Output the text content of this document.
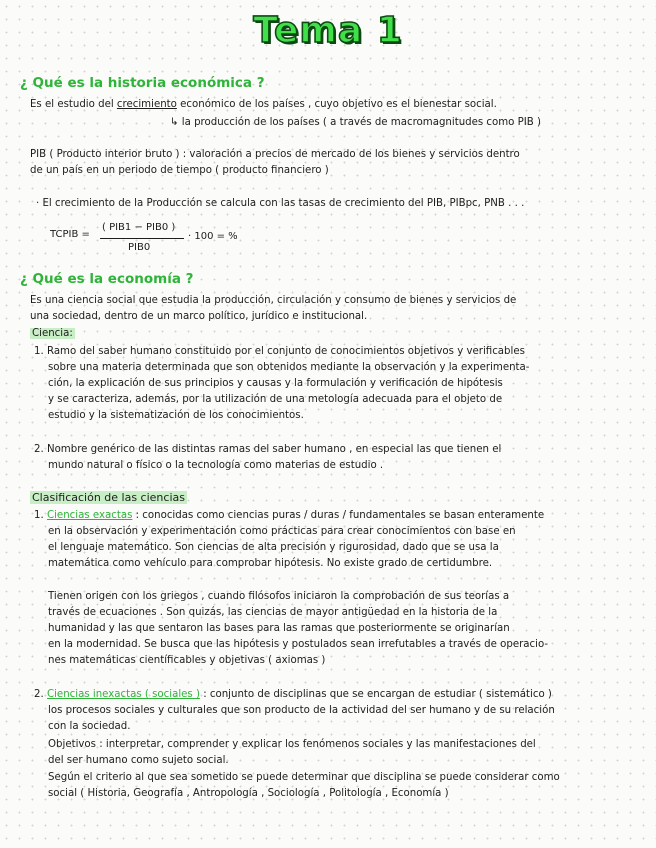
Tema 1
¿ Qué es la historia económica ?
Es el estudio del crecimiento económico de los países , cuyo objetivo es el bienestar social.
↳ la producción de los países ( a través de macromagnitudes como PIB )
PIB ( Producto interior bruto ) : valoración a precios de mercado de los bienes y servicios dentro
de un país en un periodo de tiempo ( producto financiero )
· El crecimiento de la Producción se calcula con las tasas de crecimiento del PIB, PIBpc, PNB . . .
TCPIB =
( PIB1 − PIB0 )
PIB0
· 100 = %
¿ Qué es la economía ?
Es una ciencia social que estudia la producción, circulación y consumo de bienes y servicios de
una sociedad, dentro de un marco político, jurídico e institucional.
Ciencia:
1. Ramo del saber humano constituido por el conjunto de conocimientos objetivos y verificables
sobre una materia determinada que son obtenidos mediante la observación y la experimenta-
ción, la explicación de sus principios y causas y la formulación y verificación de hipótesis
y se caracteriza, además, por la utilización de una metología adecuada para el objeto de
estudio y la sistematización de los conocimientos.
2. Nombre genérico de las distintas ramas del saber humano , en especial las que tienen el
mundo natural o físico o la tecnología como materias de estudio .
Clasificación de las ciencias
1. Ciencias exactas : conocidas como ciencias puras / duras / fundamentales se basan enteramente
en la observación y experimentación como prácticas para crear conocimientos con base en
el lenguaje matemático. Son ciencias de alta precisión y rigurosidad, dado que se usa la
matemática como vehículo para comprobar hipótesis. No existe grado de certidumbre.
Tienen origen con los griegos , cuando filósofos iniciaron la comprobación de sus teorías a
través de ecuaciones . Son quizás, las ciencias de mayor antigüedad en la historia de la
humanidad y las que sentaron las bases para las ramas que posteriormente se originarían
en la modernidad. Se busca que las hipótesis y postulados sean irrefutables a través de operacio-
nes matemáticas científicables y objetivas ( axiomas )
2. Ciencias inexactas ( sociales ) : conjunto de disciplinas que se encargan de estudiar ( sistemático )
los procesos sociales y culturales que son producto de la actividad del ser humano y de su relación
con la sociedad.
Objetivos : interpretar, comprender y explicar los fenómenos sociales y las manifestaciones del
del ser humano como sujeto social.
Según el criterio al que sea sometido se puede determinar que disciplina se puede considerar como
social ( Historia, Geografía , Antropología , Sociología , Politología , Economía )
